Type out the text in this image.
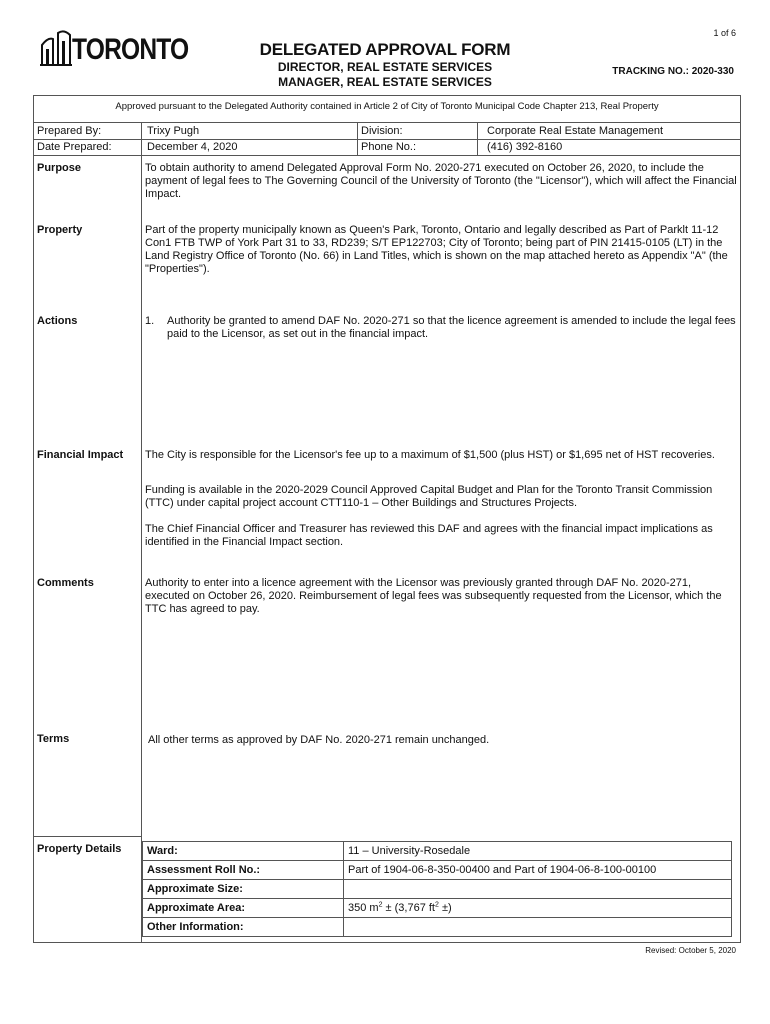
1 of 6
TORONTO	DELEGATED APPROVAL FORM
DIRECTOR, REAL ESTATE SERVICES
MANAGER, REAL ESTATE SERVICES
TRACKING NO.: 2020-330
Approved pursuant to the Delegated Authority contained in Article 2 of City of Toronto Municipal Code Chapter 213, Real Property
Prepared By:	Trixy Pugh	Division:	Corporate Real Estate Management
Date Prepared:	December 4, 2020	Phone No.:	(416) 392-8160
Purpose	To obtain authority to amend Delegated Approval Form No. 2020-271 executed on October 26, 2020, to include the payment of legal fees to The Governing Council of the University of Toronto (the "Licensor"), which will affect the Financial Impact.
Property	Part of the property municipally known as Queen's Park, Toronto, Ontario and legally described as Part of Parklt 11-12 Con1 FTB TWP of York Part 31 to 33, RD239; S/T EP122703; City of Toronto; being part of PIN 21415-0105 (LT) in the Land Registry Office of Toronto (No. 66) in Land Titles, which is shown on the map attached hereto as Appendix "A" (the "Properties").
Actions	1. Authority be granted to amend DAF No. 2020-271 so that the licence agreement is amended to include the legal fees paid to the Licensor, as set out in the financial impact.
Financial Impact The City is responsible for the Licensor's fee up to a maximum of $1,500 (plus HST) or $1,695 net of HST recoveries.
Funding is available in the 2020-2029 Council Approved Capital Budget and Plan for the Toronto Transit Commission (TTC) under capital project account CTT110-1 – Other Buildings and Structures Projects.
The Chief Financial Officer and Treasurer has reviewed this DAF and agrees with the financial impact implications as identified in the Financial Impact section.
Comments	Authority to enter into a licence agreement with the Licensor was previously granted through DAF No. 2020-271, executed on October 26, 2020. Reimbursement of legal fees was subsequently requested from the Licensor, which the TTC has agreed to pay.
Terms	All other terms as approved by DAF No. 2020-271 remain unchanged.
Property Details Ward:	11 – University-Rosedale
Assessment Roll No.:	Part of 1904-06-8-350-00400 and Part of 1904-06-8-100-00100
Approximate Size:	
Approximate Area:	350 $m^2 \pm (3,767$ $ft^2$ ±)
Other Information:	
Revised: October 5, 2020
